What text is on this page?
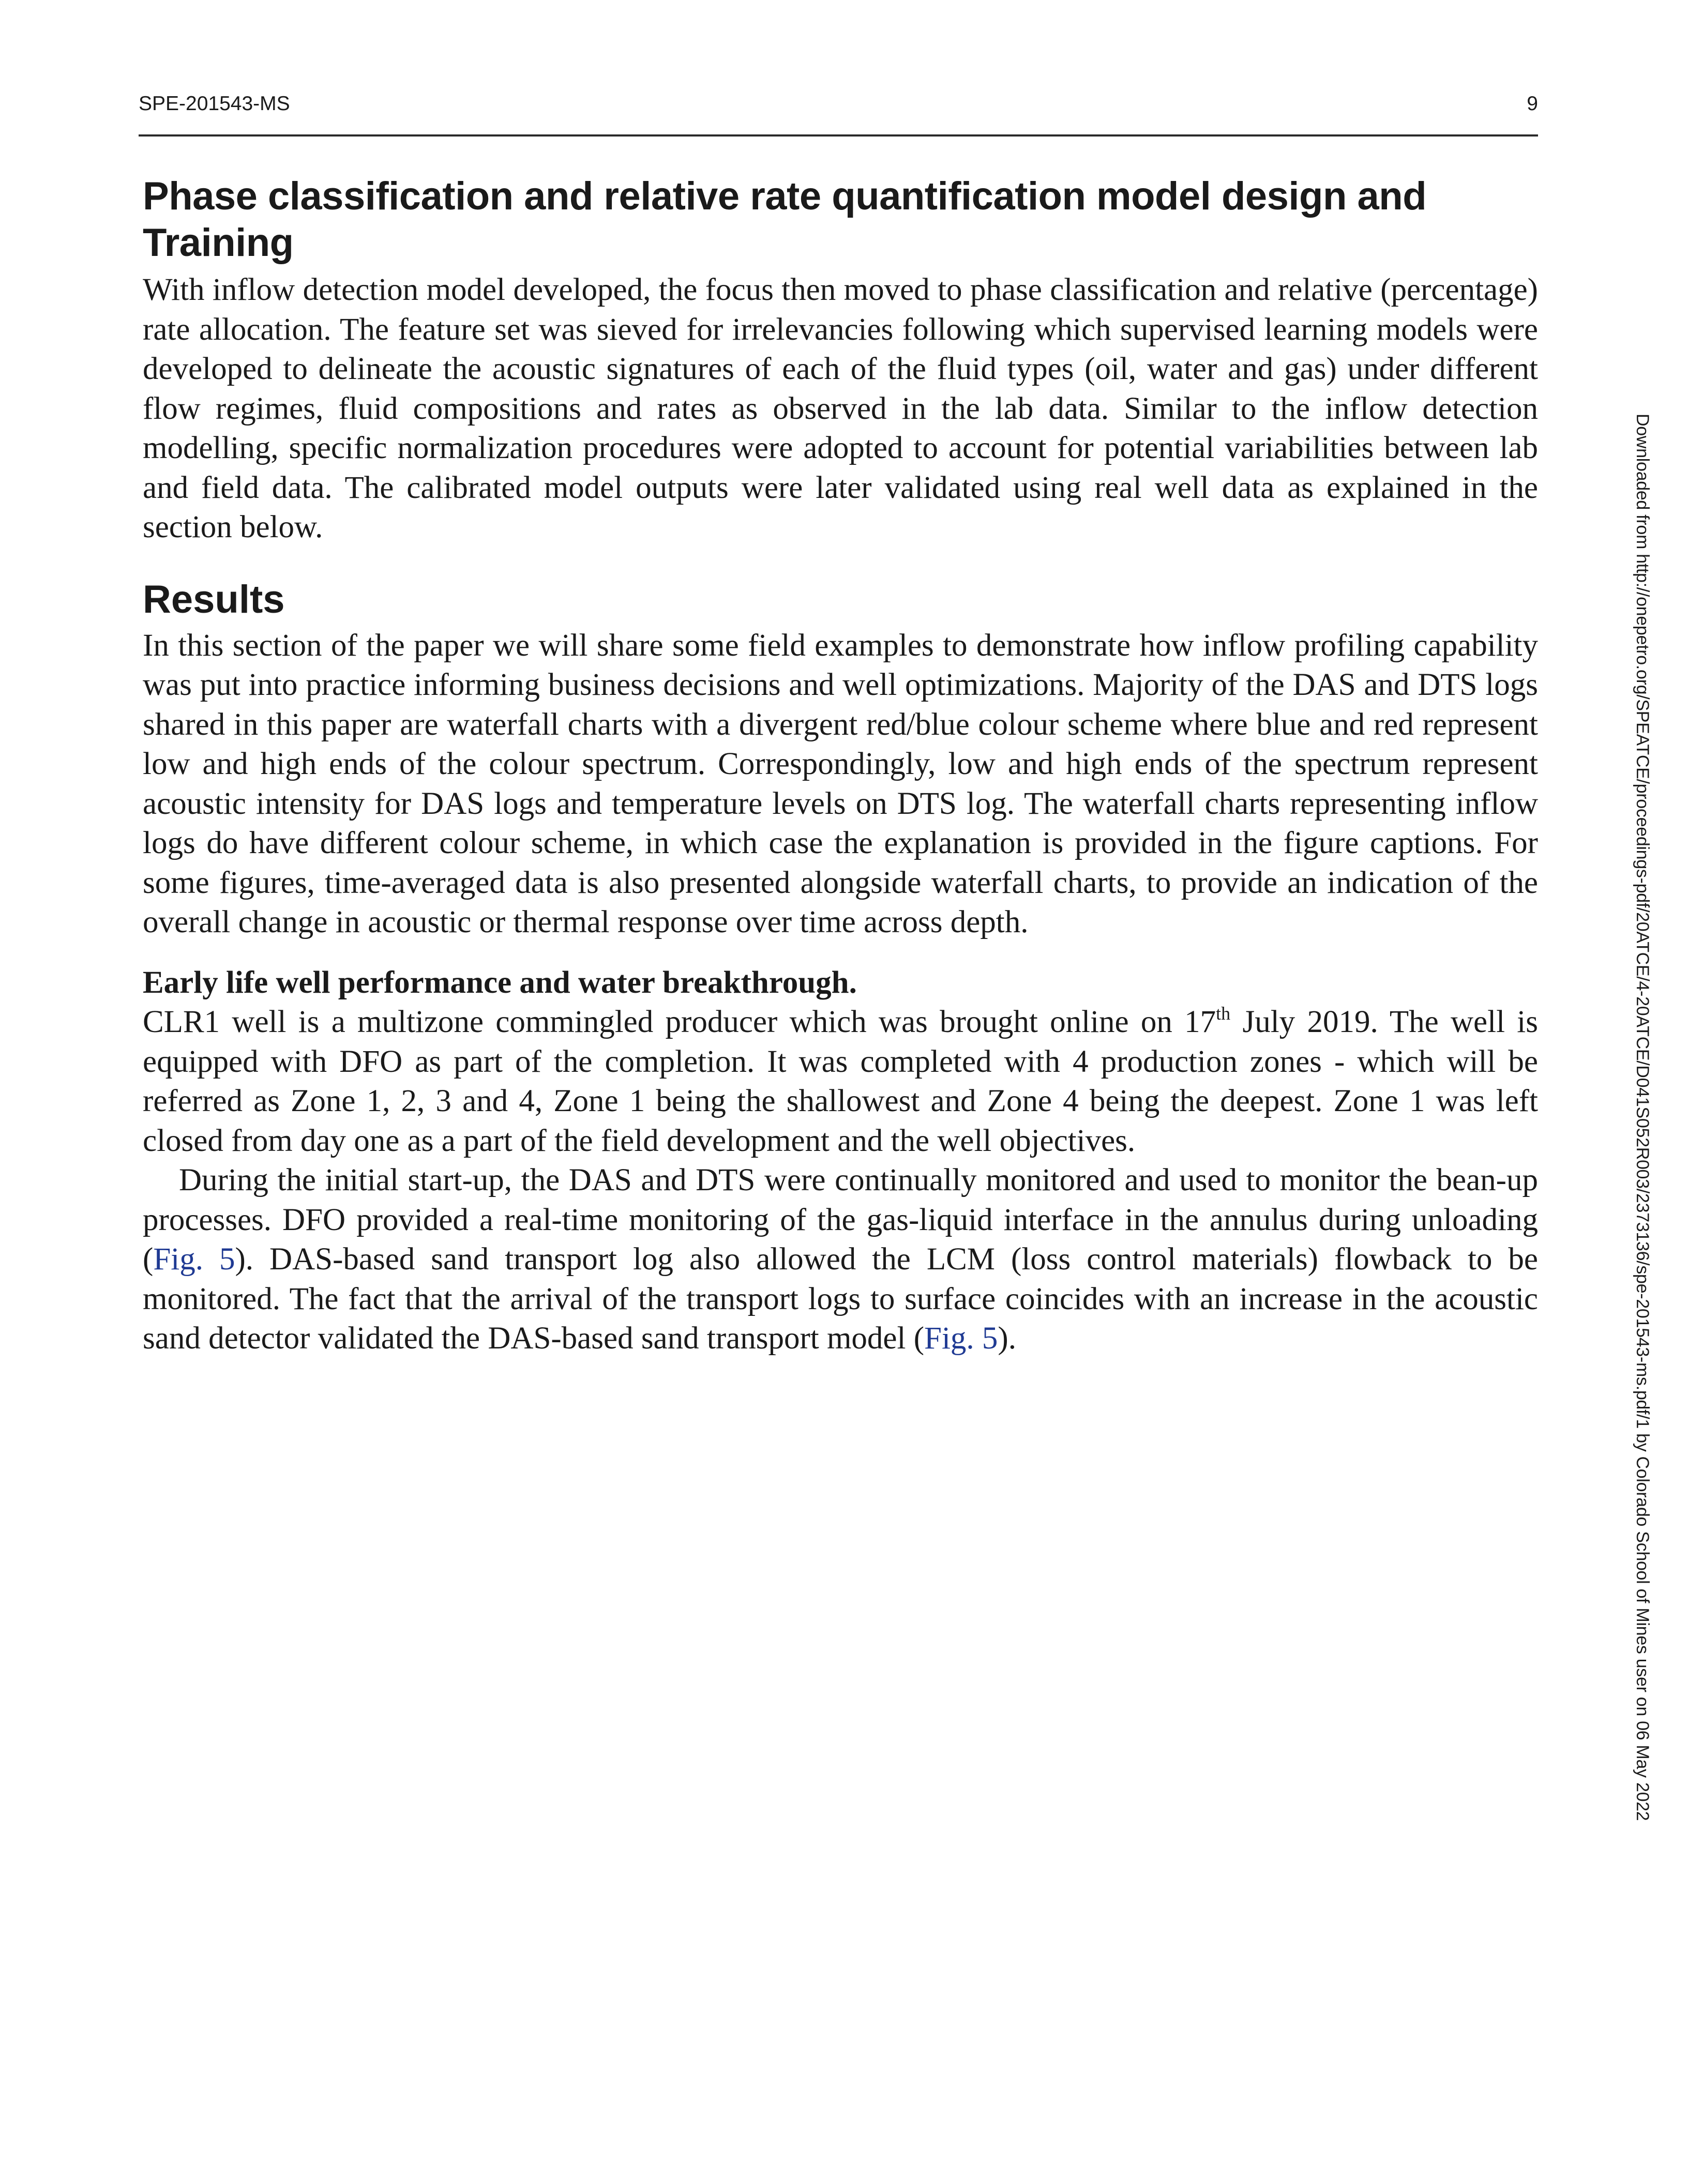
SPE-201543-MS	9
Phase classification and relative rate quantification model design and Training

With inflow detection model developed, the focus then moved to phase classification and relative (percentage) rate allocation. The feature set was sieved for irrelevancies following which supervised learning models were developed to delineate the acoustic signatures of each of the fluid types (oil, water and gas) under different flow regimes, fluid compositions and rates as observed in the lab data. Similar to the inflow detection modelling, specific normalization procedures were adopted to account for potential variabilities between lab and field data. The calibrated model outputs were later validated using real well data as explained in the section below.

Results

In this section of the paper we will share some field examples to demonstrate how inflow profiling capability was put into practice informing business decisions and well optimizations. Majority of the DAS and DTS logs shared in this paper are waterfall charts with a divergent red/blue colour scheme where blue and red represent low and high ends of the colour spectrum. Correspondingly, low and high ends of the spectrum represent acoustic intensity for DAS logs and temperature levels on DTS log. The waterfall charts representing inflow logs do have different colour scheme, in which case the explanation is provided in the figure captions. For some figures, time-averaged data is also presented alongside waterfall charts, to provide an indication of the overall change in acoustic or thermal response over time across depth.

Early life well performance and water breakthrough.

CLR1 well is a multizone commingled producer which was brought online on 17th July 2019. The well is equipped with DFO as part of the completion. It was completed with 4 production zones - which will be referred as Zone 1, 2, 3 and 4, Zone 1 being the shallowest and Zone 4 being the deepest. Zone 1 was left closed from day one as a part of the field development and the well objectives.

During the initial start-up, the DAS and DTS were continually monitored and used to monitor the bean-up processes. DFO provided a real-time monitoring of the gas-liquid interface in the annulus during unloading (Fig. 5). DAS-based sand transport log also allowed the LCM (loss control materials) flowback to be monitored. The fact that the arrival of the transport logs to surface coincides with an increase in the acoustic sand detector validated the DAS-based sand transport model (Fig. 5).	Downloaded from http://onepetro.org/SPEATCE/proceedings-pdf/20ATCE/4-20ATCE/D041S052R003/2373136/spe-201543-ms.pdf/1 by Colorado School of Mines user on 06 May 2022
